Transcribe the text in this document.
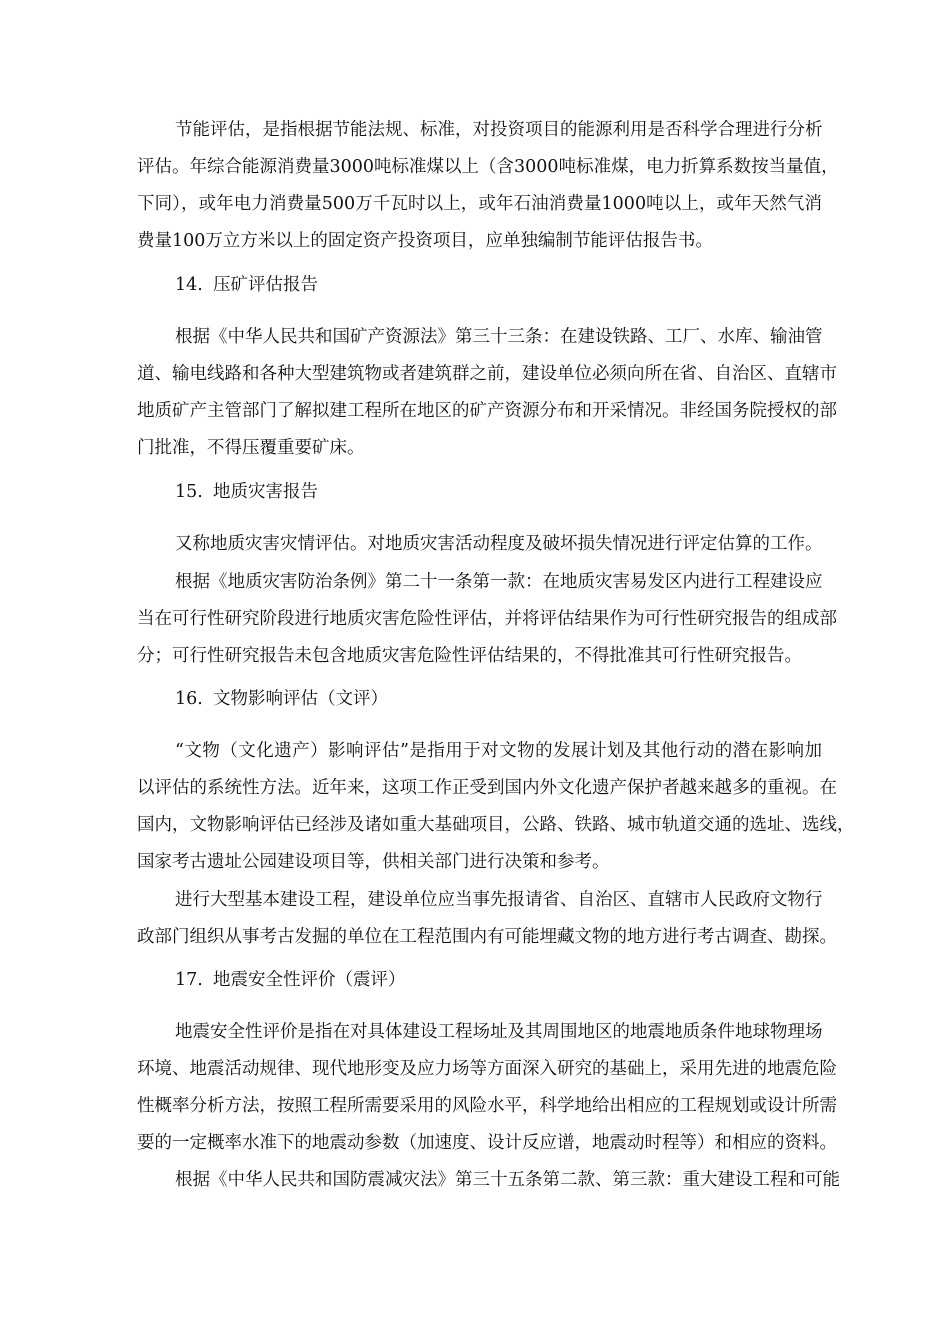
节能评估，是指根据节能法规、标准，对投资项目的能源利用是否科学合理进行分析
评估。年综合能源消费量3000吨标准煤以上（含3000吨标准煤，电力折算系数按当量值，
下同），或年电力消费量500万千瓦时以上，或年石油消费量1000吨以上，或年天然气消
费量100万立方米以上的固定资产投资项目，应单独编制节能评估报告书。
14. 压矿评估报告
根据《中华人民共和国矿产资源法》第三十三条：在建设铁路、工厂、水库、输油管
道、输电线路和各种大型建筑物或者建筑群之前，建设单位必须向所在省、自治区、直辖市
地质矿产主管部门了解拟建工程所在地区的矿产资源分布和开采情况。非经国务院授权的部
门批准，不得压覆重要矿床。
15. 地质灾害报告
又称地质灾害灾情评估。对地质灾害活动程度及破坏损失情况进行评定估算的工作。
根据《地质灾害防治条例》第二十一条第一款：在地质灾害易发区内进行工程建设应
当在可行性研究阶段进行地质灾害危险性评估，并将评估结果作为可行性研究报告的组成部
分；可行性研究报告未包含地质灾害危险性评估结果的，不得批准其可行性研究报告。
16. 文物影响评估（文评）
“文物（文化遗产）影响评估”是指用于对文物的发展计划及其他行动的潜在影响加
以评估的系统性方法。近年来，这项工作正受到国内外文化遗产保护者越来越多的重视。在
国内，文物影响评估已经涉及诸如重大基础项目，公路、铁路、城市轨道交通的选址、选线，
国家考古遗址公园建设项目等，供相关部门进行决策和参考。
进行大型基本建设工程，建设单位应当事先报请省、自治区、直辖市人民政府文物行
政部门组织从事考古发掘的单位在工程范围内有可能埋藏文物的地方进行考古调查、勘探。
17. 地震安全性评价（震评）
地震安全性评价是指在对具体建设工程场址及其周围地区的地震地质条件地球物理场
环境、地震活动规律、现代地形变及应力场等方面深入研究的基础上，采用先进的地震危险
性概率分析方法，按照工程所需要采用的风险水平，科学地给出相应的工程规划或设计所需
要的一定概率水准下的地震动参数（加速度、设计反应谱，地震动时程等）和相应的资料。
根据《中华人民共和国防震减灾法》第三十五条第二款、第三款：重大建设工程和可能
